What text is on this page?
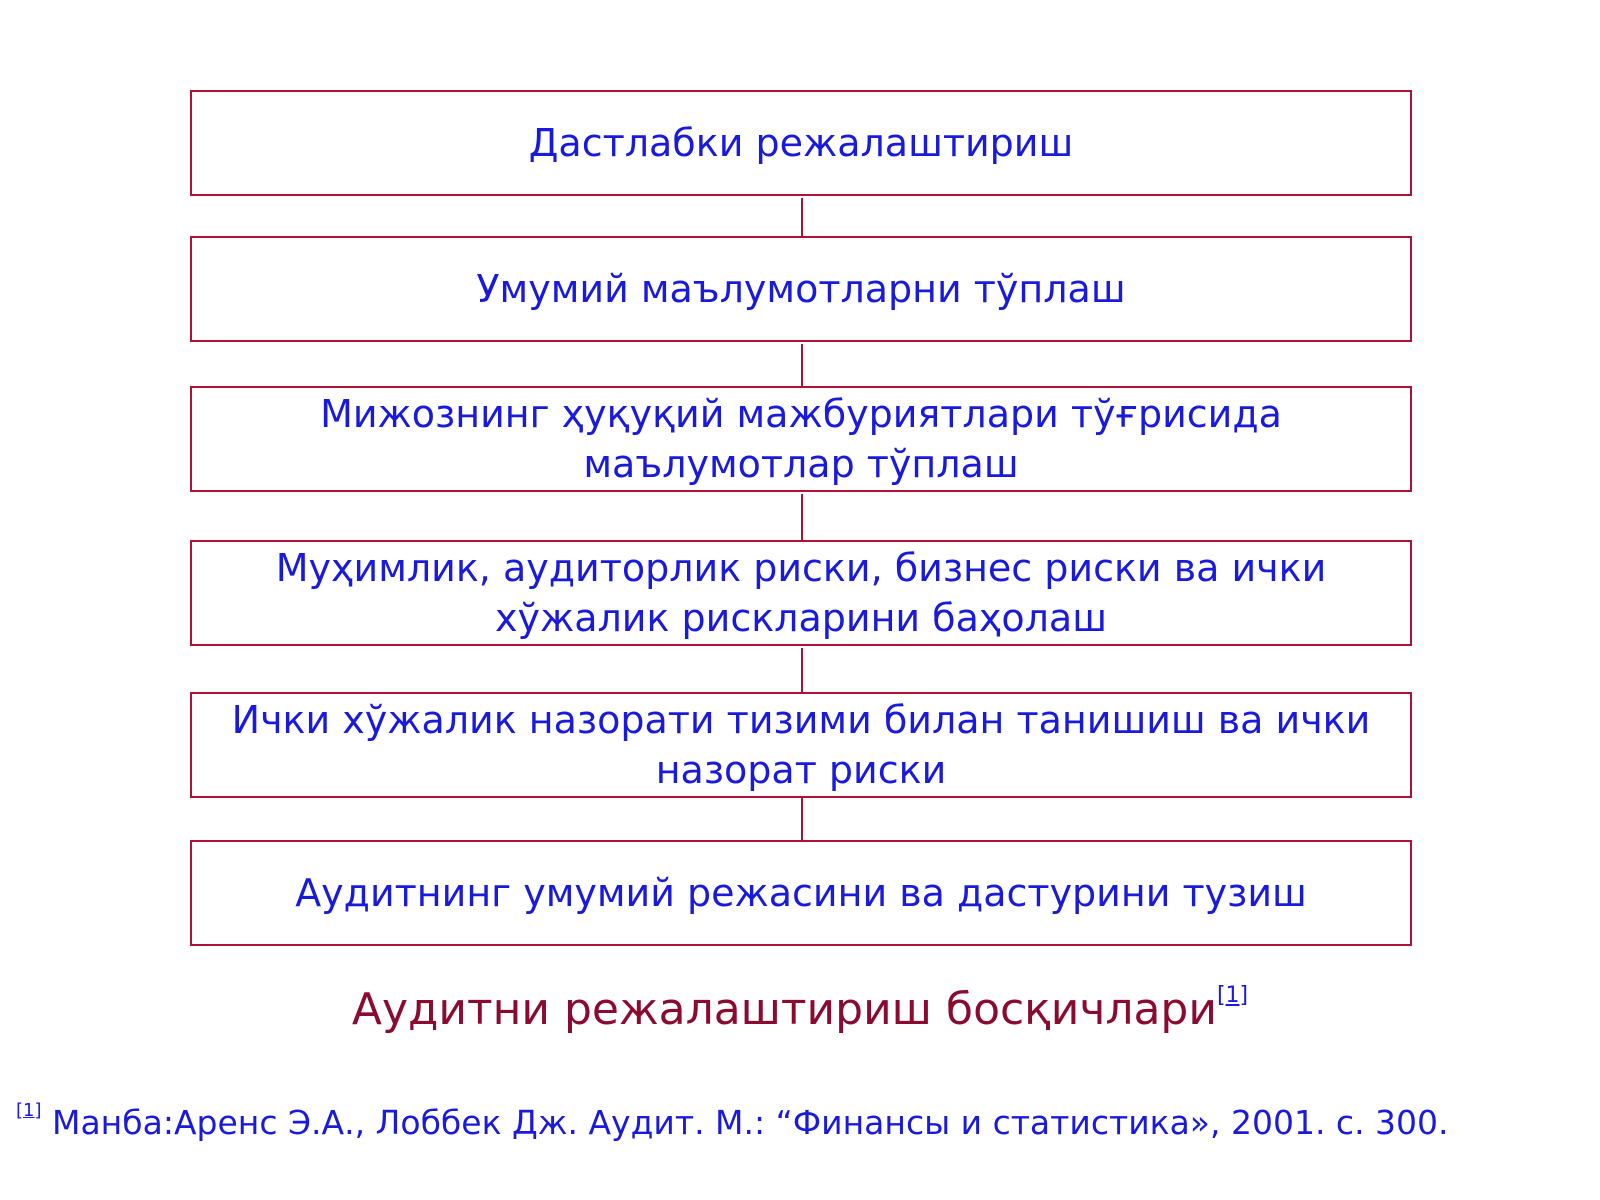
Дастлабки режалаштириш
Умумий маълумотларни тўплаш
Мижознинг ҳуқуқий мажбуриятлари тўғрисида маълумотлар тўплаш
Муҳимлик, аудиторлик риски, бизнес риски ва ички хўжалик рискларини баҳолаш
Ички хўжалик назорати тизими билан танишиш ва ички назорат риски
Аудитнинг умумий режасини ва дастурини тузиш
Аудитни режалаштириш босқичлари[1]
[1] Манба:Аренс Э.А., Лоббек Дж. Аудит. М.: “Финансы и статистика», 2001. с. 300.
